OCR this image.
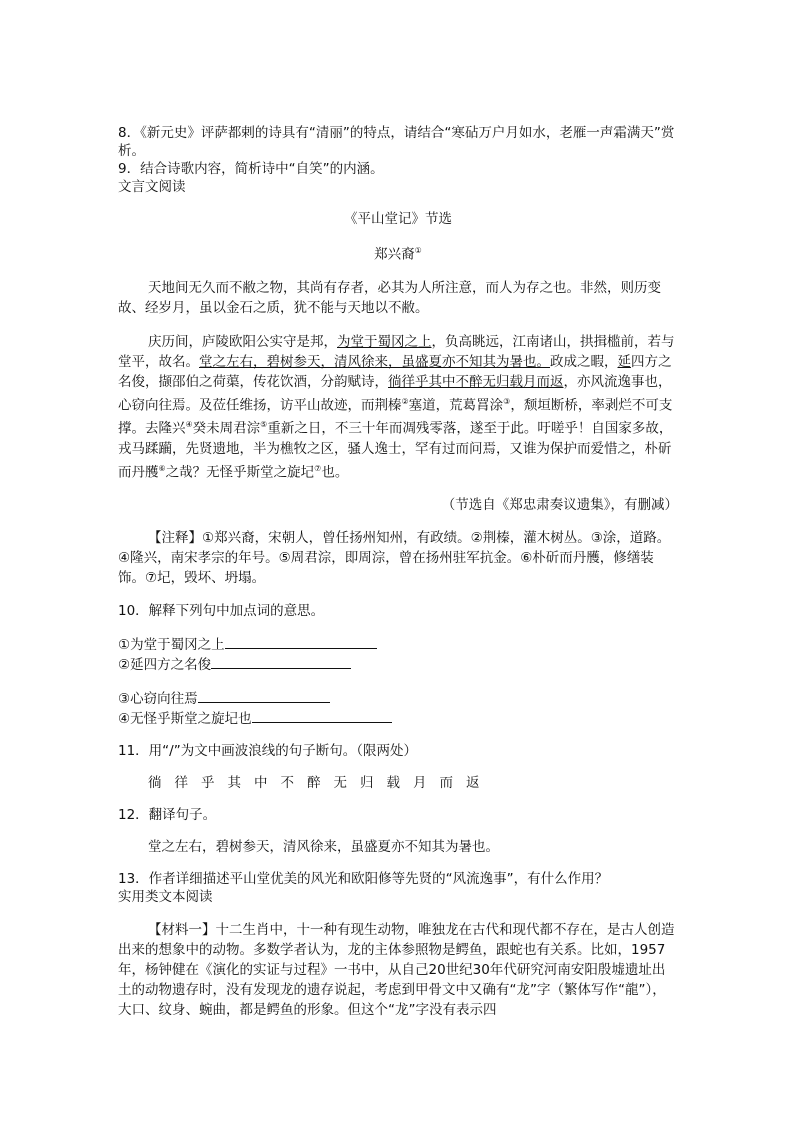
8．《新元史》评萨都剌的诗具有“清丽”的特点，请结合“寒砧万户月如水，老雁一声霜满天”赏析。

9．结合诗歌内容，简析诗中“自笑”的内涵。

文言文阅读

《平山堂记》节选

郑兴裔①

天地间无久而不敝之物，其尚有存者，必其为人所注意，而人为存之也。非然，则历变故、经岁月，虽以金石之质，犹不能与天地以不敝。

庆历间，庐陵欧阳公实守是邦，为堂于蜀冈之上，负高眺远，江南诸山，拱揖槛前，若与堂平，故名。堂之左右，碧树参天，清风徐来，虽盛夏亦不知其为暑也。政成之暇，延四方之名俊，撷邵伯之荷蕖，传花饮酒，分韵赋诗，徜徉乎其中不醉无归载月而返，亦风流逸事也，心窃向往焉。及莅任维扬，访平山故迹，而荆榛②塞道，荒葛罥涂③，颓垣断桥，率剥烂不可支撑。去隆兴④癸未周君淙⑤重新之日，不三十年而凋残零落，遂至于此。吁嗟乎！自国家多故，戎马蹂躏，先贤遗地，半为樵牧之区，骚人逸士，罕有过而问焉，又谁为保护而爱惜之，朴斫而丹雘⑥之哉？无怪乎斯堂之旋圮⑦也。

（节选自《郑忠肃奏议遗集》，有删减）

【注释】①郑兴裔，宋朝人，曾任扬州知州，有政绩。②荆榛，灌木树丛。③涂，道路。④隆兴，南宋孝宗的年号。⑤周君淙，即周淙，曾在扬州驻军抗金。⑥朴斫而丹雘，修缮装饰。⑦圮，毁坏、坍塌。

10．解释下列句中加点词的意思。

①为堂于蜀冈之上

②延四方之名俊

③心窃向往焉

④无怪乎斯堂之旋圮也

11．用“/”为文中画波浪线的句子断句。（限两处）

徜徉乎其中不醉无归载月而返

12．翻译句子。

堂之左右，碧树参天，清风徐来，虽盛夏亦不知其为暑也。

13．作者详细描述平山堂优美的风光和欧阳修等先贤的“风流逸事”，有什么作用？

实用类文本阅读

【材料一】十二生肖中，十一种有现生动物，唯独龙在古代和现代都不存在，是古人创造出来的想象中的动物。多数学者认为，龙的主体参照物是鳄鱼，跟蛇也有关系。比如，1957年，杨钟健在《演化的实证与过程》一书中，从自己20世纪30年代研究河南安阳殷墟遗址出土的动物遗存时，没有发现龙的遗存说起，考虑到甲骨文中又确有“龙”字（繁体写作“龍”），大口、纹身、蜿曲，都是鳄鱼的形象。但这个“龙”字没有表示四
